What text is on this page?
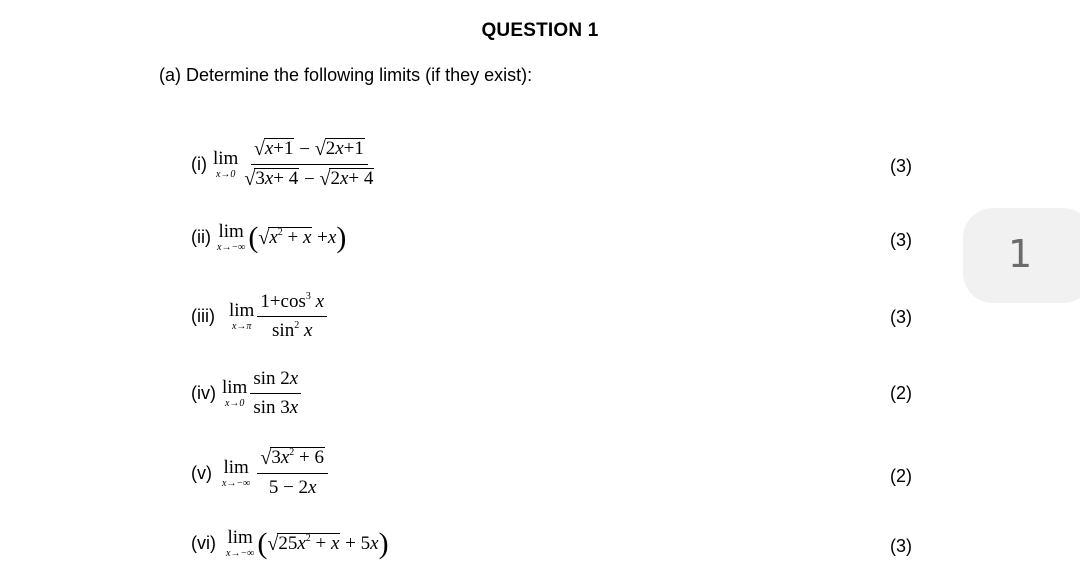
QUESTION 1
(a) Determine the following limits (if they exist):
(i) lim
$x\to 0 \frac{√ x+1 - √ 2x+1}{√ 3x+ 4 - √ 2x+ 4}$	(3)
(ii) lim
x→−∞ ( √ $x^2 + x + x$ )	(3)
(iii) lim
$x\to\pi \frac{1+\cos^3 x}{\sin^2 x}$	(3)
(iv) lim
$x\to 0 \frac{\sin 2x}{\sin 3x}$	(2)
(v) lim
$x\to-\infty \frac{√ 3x^2 + 6}{5 - 2x}$	(2)
(vi) lim
x→−∞ ( √ $25x^2 + x + 5$ x )	(3)
1
